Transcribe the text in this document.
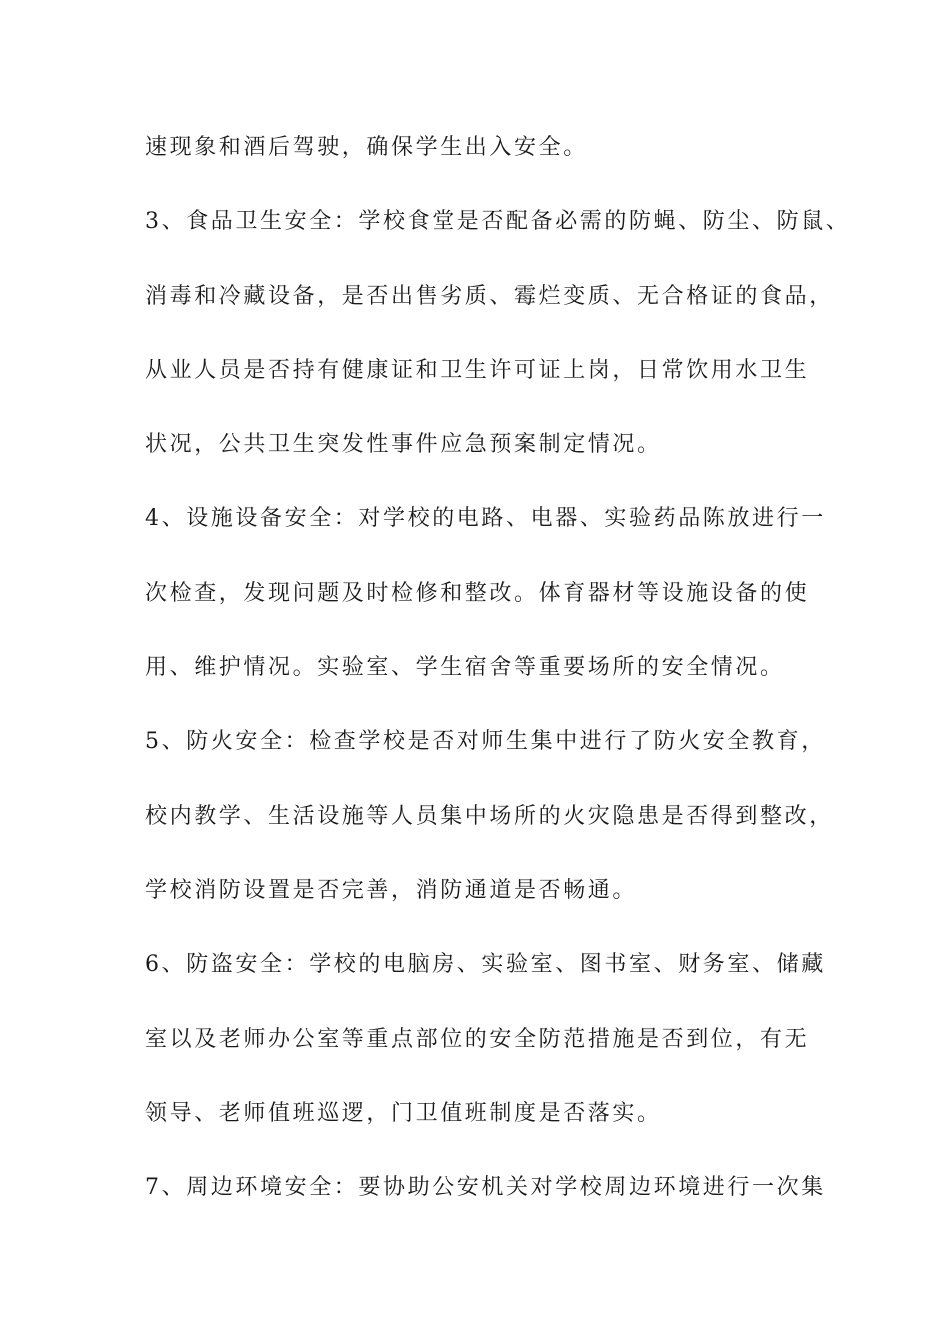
速现象和酒后驾驶，确保学生出入安全。
3、食品卫生安全：学校食堂是否配备必需的防蝇、防尘、防鼠、
消毒和冷藏设备，是否出售劣质、霉烂变质、无合格证的食品，
从业人员是否持有健康证和卫生许可证上岗，日常饮用水卫生
状况，公共卫生突发性事件应急预案制定情况。
4、设施设备安全：对学校的电路、电器、实验药品陈放进行一
次检查，发现问题及时检修和整改。体育器材等设施设备的使
用、维护情况。实验室、学生宿舍等重要场所的安全情况。
5、防火安全：检查学校是否对师生集中进行了防火安全教育，
校内教学、生活设施等人员集中场所的火灾隐患是否得到整改，
学校消防设置是否完善，消防通道是否畅通。
6、防盗安全：学校的电脑房、实验室、图书室、财务室、储藏
室以及老师办公室等重点部位的安全防范措施是否到位，有无
领导、老师值班巡逻，门卫值班制度是否落实。
7、周边环境安全：要协助公安机关对学校周边环境进行一次集
